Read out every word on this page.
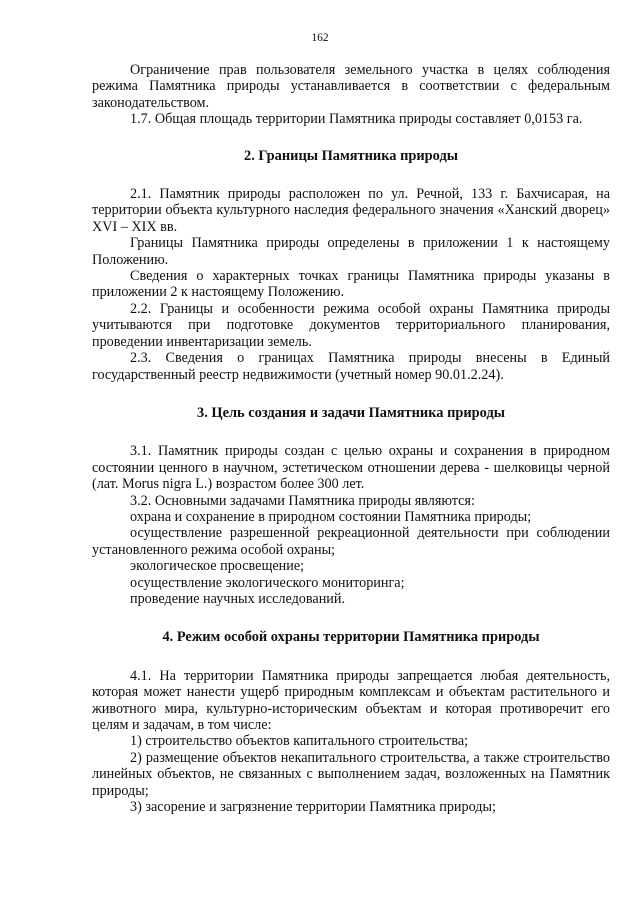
162

Ограничение прав пользователя земельного участка в целях соблюдения режима Памятника природы устанавливается в соответствии с федеральным законодательством.

1.7. Общая площадь территории Памятника природы составляет 0,0153 га.

2. Границы Памятника природы

2.1. Памятник природы расположен по ул. Речной, 133 г. Бахчисарая, на территории объекта культурного наследия федерального значения «Ханский дворец» XVI – XIX вв.

Границы Памятника природы определены в приложении 1 к настоящему Положению.

Сведения о характерных точках границы Памятника природы указаны в приложении 2 к настоящему Положению.

2.2. Границы и особенности режима особой охраны Памятника природы учитываются при подготовке документов территориального планирования, проведении инвентаризации земель.

2.3. Сведения о границах Памятника природы внесены в Единый государственный реестр недвижимости (учетный номер 90.01.2.24).

3. Цель создания и задачи Памятника природы

3.1. Памятник природы создан с целью охраны и сохранения в природном состоянии ценного в научном, эстетическом отношении дерева - шелковицы черной (лат. Morus nigra L.) возрастом более 300 лет.

3.2. Основными задачами Памятника природы являются:

охрана и сохранение в природном состоянии Памятника природы;

осуществление разрешенной рекреационной деятельности при соблюдении установленного режима особой охраны;

экологическое просвещение;

осуществление экологического мониторинга;

проведение научных исследований.

4. Режим особой охраны территории Памятника природы

4.1. На территории Памятника природы запрещается любая деятельность, которая может нанести ущерб природным комплексам и объектам растительного и животного мира, культурно-историческим объектам и которая противоречит его целям и задачам, в том числе:

1) строительство объектов капитального строительства;

2) размещение объектов некапитального строительства, а также строительство линейных объектов, не связанных с выполнением задач, возложенных на Памятник природы;

3) засорение и загрязнение территории Памятника природы;
